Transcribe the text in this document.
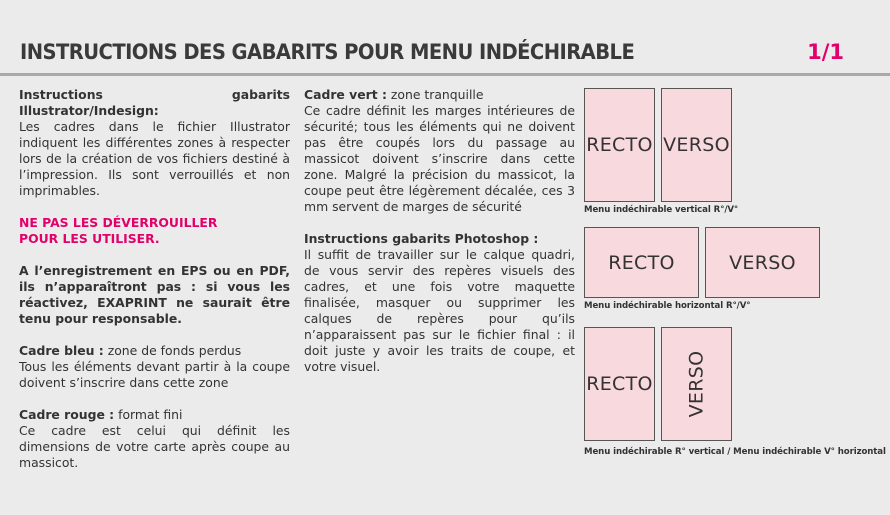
INSTRUCTIONS DES GABARITS POUR MENU INDÉCHIRABLE	1/1

Instructions gabarits Illustrator/Indesign:

Les cadres dans le fichier Illustrator indiquent les différentes zones à respecter lors de la création de vos fichiers destiné à l’impression. Ils sont verrouillés et non imprimables.

NE PAS LES DÉVERROUILLER

POUR LES UTILISER.

A l’enregistrement en EPS ou en PDF, ils n’apparaîtront pas : si vous les réactivez, EXAPRINT ne saurait être tenu pour responsable.

Cadre bleu : zone de fonds perdus

Tous les éléments devant partir à la coupe doivent s’inscrire dans cette zone

Cadre rouge : format fini

Ce cadre est celui qui définit les dimensions de votre carte après coupe au massicot.

Cadre vert : zone tranquille

Ce cadre définit les marges intérieures de sécurité; tous les éléments qui ne doivent pas être coupés lors du passage au massicot doivent s’inscrire dans cette zone. Malgré la précision du massicot, la coupe peut être légèrement décalée, ces 3 mm servent de marges de sécurité

Instructions gabarits Photoshop :

Il suffit de travailler sur le calque quadri, de vous servir des repères visuels des cadres, et une fois votre maquette finalisée, masquer ou supprimer les calques de repères pour qu’ils n’apparaissent pas sur le fichier final : il doit juste y avoir les traits de coupe, et votre visuel.

RECTO VERSO
Menu indéchirable vertical R°/V°
RECTO	VERSO
Menu indéchirable horizontal R°/V°
RECTO VERSO
Menu indéchirable R° vertical / Menu indéchirable V° horizontal
